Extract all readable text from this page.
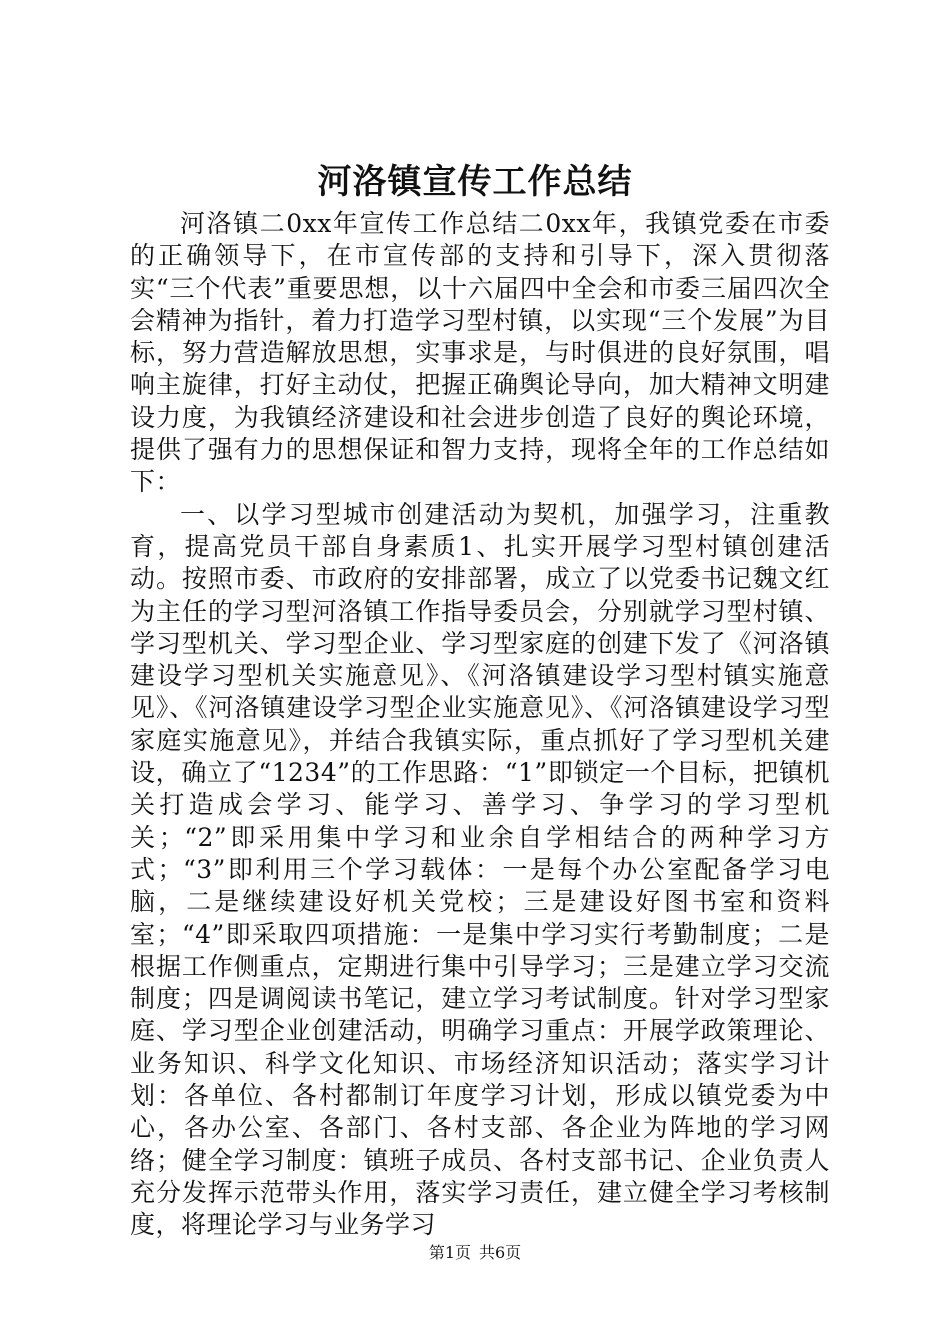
河洛镇宣传工作总结

河洛镇二0xx年宣传工作总结二0xx年，我镇党委在市委的正确领导下，在市宣传部的支持和引导下，深入贯彻落实“三个代表”重要思想，以十六届四中全会和市委三届四次全会精神为指针，着力打造学习型村镇，以实现“三个发展”为目标，努力营造解放思想，实事求是，与时俱进的良好氛围，唱响主旋律，打好主动仗，把握正确舆论导向，加大精神文明建设力度，为我镇经济建设和社会进步创造了良好的舆论环境，提供了强有力的思想保证和智力支持，现将全年的工作总结如下：

一、以学习型城市创建活动为契机，加强学习，注重教育，提高党员干部自身素质1、扎实开展学习型村镇创建活动。按照市委、市政府的安排部署，成立了以党委书记魏文红为主任的学习型河洛镇工作指导委员会，分别就学习型村镇、学习型机关、学习型企业、学习型家庭的创建下发了《河洛镇建设学习型机关实施意见》、《河洛镇建设学习型村镇实施意见》、《河洛镇建设学习型企业实施意见》、《河洛镇建设学习型家庭实施意见》，并结合我镇实际，重点抓好了学习型机关建设，确立了“1234”的工作思路：“1”即锁定一个目标，把镇机关打造成会学习、能学习、善学习、争学习的学习型机关；“2”即采用集中学习和业余自学相结合的两种学习方式；“3”即利用三个学习载体：一是每个办公室配备学习电脑，二是继续建设好机关党校；三是建设好图书室和资料室；“4”即采取四项措施：一是集中学习实行考勤制度；二是根据工作侧重点，定期进行集中引导学习；三是建立学习交流制度；四是调阅读书笔记，建立学习考试制度。针对学习型家庭、学习型企业创建活动，明确学习重点：开展学政策理论、业务知识、科学文化知识、市场经济知识活动；落实学习计划：各单位、各村都制订年度学习计划，形成以镇党委为中心，各办公室、各部门、各村支部、各企业为阵地的学习网络；健全学习制度：镇班子成员、各村支部书记、企业负责人充分发挥示范带头作用，落实学习责任，建立健全学习考核制度，将理论学习与业务学习

第1页 共6页
